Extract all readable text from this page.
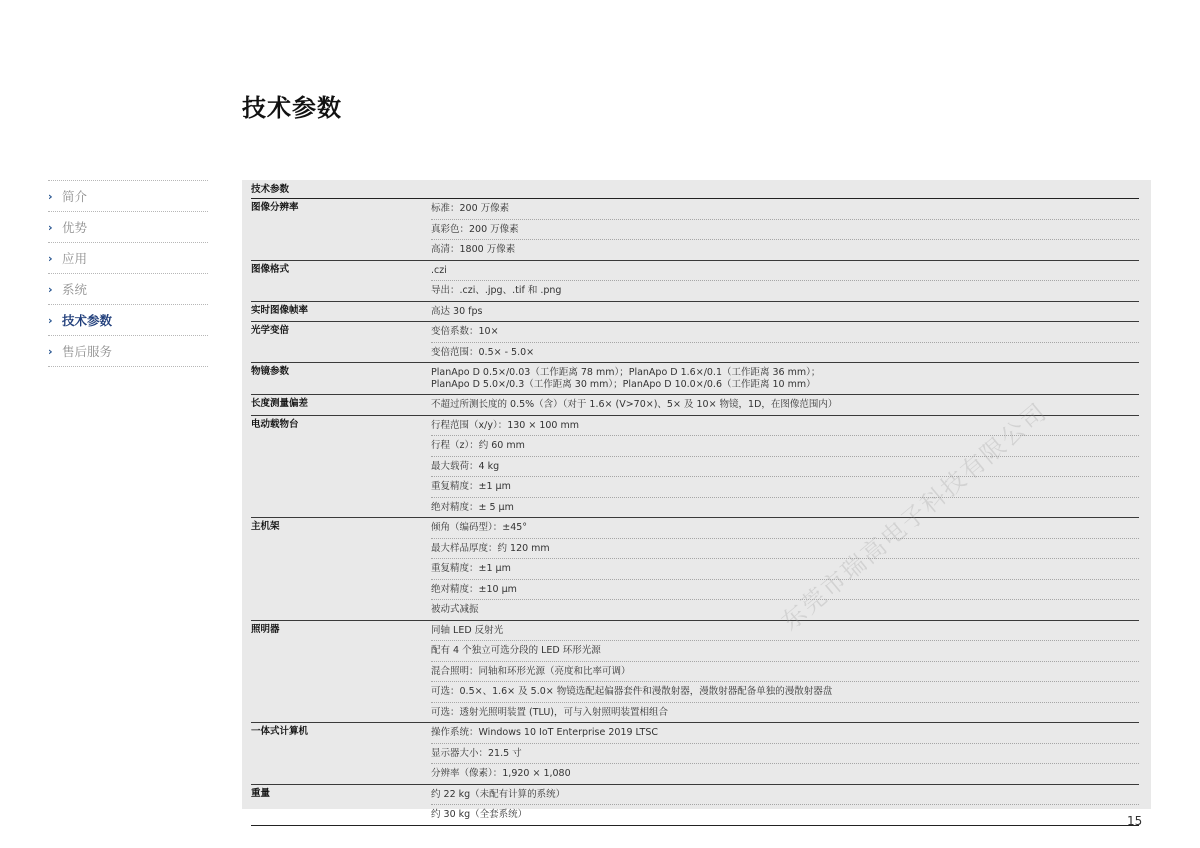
技术参数
› 简介
› 优势
› 应用
› 系统
› 技术参数
› 售后服务
技术参数
图像分辨率	标准：200 万像素
真彩色：200 万像素
高清：1800 万像素
图像格式	.czi
导出：.czi、.jpg、.tif 和 .png
实时图像帧率	高达 30 fps
光学变倍	变倍系数：10×
变倍范围：0.5× - 5.0×
物镜参数	PlanApo D 0.5×/0.03（工作距离 78 mm）；PlanApo D 1.6×/0.1（工作距离 36 mm）；
PlanApo D 5.0×/0.3（工作距离 30 mm）；PlanApo D 10.0×/0.6（工作距离 10 mm）
长度测量偏差	不超过所测长度的 0.5%（含）（对于 1.6× (V>70×)、5× 及 10× 物镜，1D，在图像范围内）
电动载物台	行程范围（x/y）：130 × 100 mm
行程（z）：约 60 mm
最大载荷：4 kg
重复精度：±1 µm
绝对精度：± 5 µm
主机架	倾角（编码型）：±45°
最大样品厚度：约 120 mm
重复精度：±1 µm
绝对精度：±10 µm
被动式减振
照明器	同轴 LED 反射光
配有 4 个独立可选分段的 LED 环形光源
混合照明：同轴和环形光源（亮度和比率可调）
可选：0.5×、1.6× 及 5.0× 物镜选配起偏器套件和漫散射器，漫散射器配备单独的漫散射器盘
可选：透射光照明装置 (TLU)，可与入射照明装置相组合
一体式计算机	操作系统：Windows 10 IoT Enterprise 2019 LTSC
显示器大小：21.5 寸
分辨率（像素）：1,920 × 1,080
重量	约 22 kg（未配有计算的系统）
约 30 kg（全套系统）
东莞市瑞高电子科技有限公司
15
